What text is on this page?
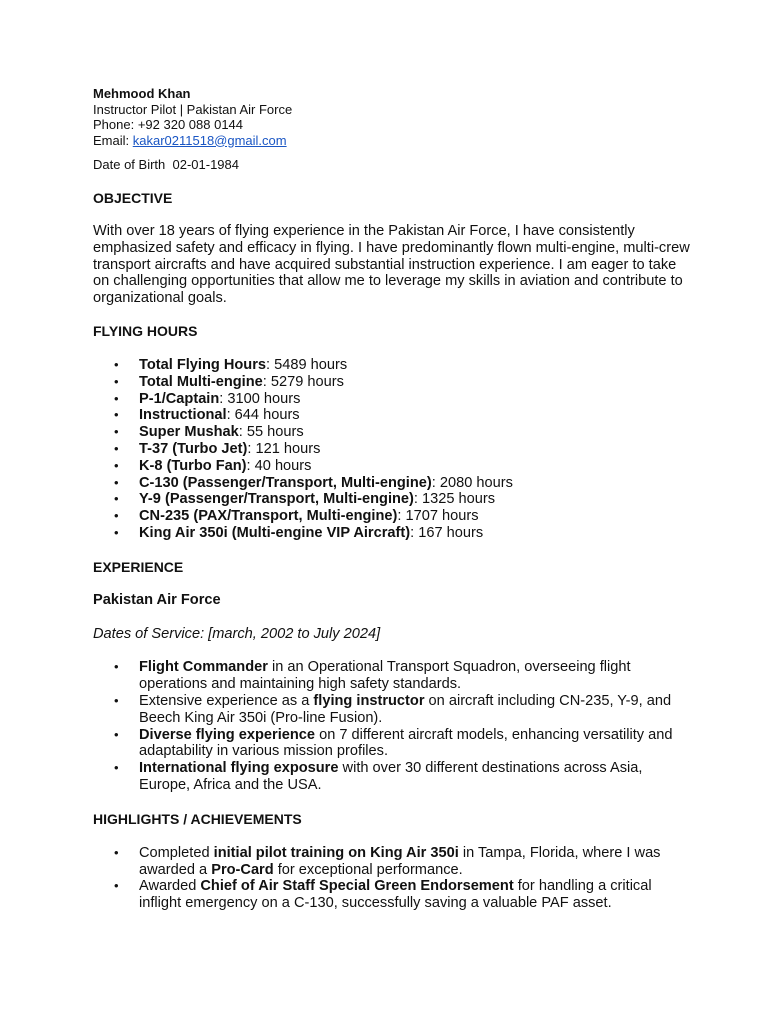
Mehmood Khan

Instructor Pilot | Pakistan Air Force

Phone: +92 320 088 0144

Email: kakar0211518@gmail.com

Date of Birth  02-01-1984

OBJECTIVE

With over 18 years of flying experience in the Pakistan Air Force, I have consistently emphasized safety and efficacy in flying. I have predominantly flown multi-engine, multi-crew transport aircrafts and have acquired substantial instruction experience. I am eager to take on challenging opportunities that allow me to leverage my skills in aviation and contribute to organizational goals.

FLYING HOURS

• Total Flying Hours: 5489 hours
• Total Multi-engine: 5279 hours
• P-1/Captain: 3100 hours
• Instructional: 644 hours
• Super Mushak: 55 hours
• T-37 (Turbo Jet): 121 hours
• K-8 (Turbo Fan): 40 hours
• C-130 (Passenger/Transport, Multi-engine): 2080 hours
• Y-9 (Passenger/Transport, Multi-engine): 1325 hours
• CN-235 (PAX/Transport, Multi-engine): 1707 hours
• King Air 350i (Multi-engine VIP Aircraft): 167 hours

EXPERIENCE

Pakistan Air Force

Dates of Service: [march, 2002 to July 2024]

• Flight Commander in an Operational Transport Squadron, overseeing flight operations and maintaining high safety standards.
• Extensive experience as a flying instructor on aircraft including CN-235, Y-9, and Beech King Air 350i (Pro-line Fusion).
• Diverse flying experience on 7 different aircraft models, enhancing versatility and adaptability in various mission profiles.
• International flying exposure with over 30 different destinations across Asia, Europe, Africa and the USA.

HIGHLIGHTS / ACHIEVEMENTS

• Completed initial pilot training on King Air 350i in Tampa, Florida, where I was awarded a Pro-Card for exceptional performance.
• Awarded Chief of Air Staff Special Green Endorsement for handling a critical inflight emergency on a C-130, successfully saving a valuable PAF asset.
